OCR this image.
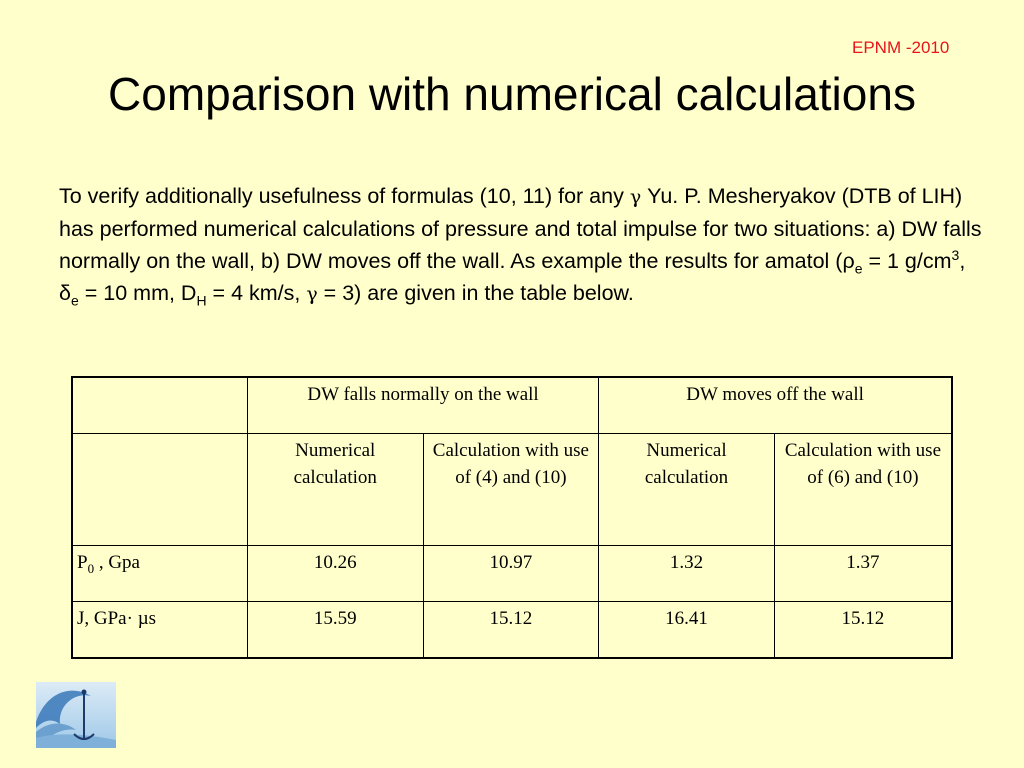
EPNM -2010
Comparison with numerical calculations

To verify additionally usefulness of formulas (10, 11) for any γ Yu. P. Mesheryakov (DTB of LIH) has performed numerical calculations of pressure and total impulse for two situations: a) DW falls normally on the wall, b) DW moves off the wall. As example the results for amatol ($\rho_e = 1$ $g/cm^3$, $\delta_e = 10$ mm, $D_H = 4$ km/s, γ = 3) are given in the table below.

	DW falls normally on the wall		DW moves off the wall	
	Numerical calculation	Calculation with use of (4) and (10)	Numerical calculation	Calculation with use of (6) and (10)
$P_0$ , Gpa	10.26	10.97	1.32	1.37
J, GPa· µs	15.59	15.12	16.41	15.12
